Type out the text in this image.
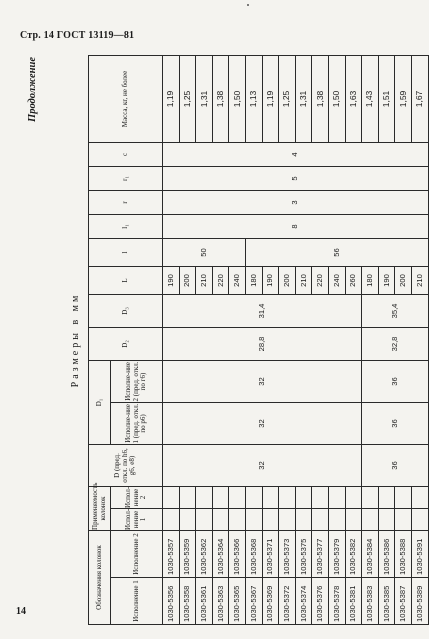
Стр. 14 ГОСТ 13119—81
14
Продолжение
Размеры в мм
Обозначения колонок		Применяемость колонок		D (пред. откл. по h6, g6, е8)	D₁		D₂	D₃	L	l	l₁	r	r₁	c	Масса, кг, не более
Исполнение 1	Исполнение 2	Испол-нение 1	Испол-нение 2		Исполне-ние 1 (пред. откл. по р6)	Исполне-ние 2 (пред. откл. по г6)									
1030-5356	1030-5357			32	32	32	28,8	31,4	190	50	8	3	5	4	1,19
1030-5358	1030-5359								200						1,25
1030-5361	1030-5362								210						1,31
1030-5363	1030-5364								220						1,38
1030-5365	1030-5366								240						1,50
1030-5367	1030-5368								180	56					1,13
1030-5369	1030-5371								190						1,19
1030-5372	1030-5373								200						1,25
1030-5374	1030-5375								210						1,31
1030-5376	1030-5377								220						1,38
1030-5378	1030-5379								240						1,50
1030-5381	1030-5382								260						1,63
1030-5383	1030-5384			36	36	36	32,8	35,4	180						1,43
1030-5385	1030-5386								190						1,51
1030-5387	1030-5388								200						1,59
1030-5389	1030-5391								210						1,67
